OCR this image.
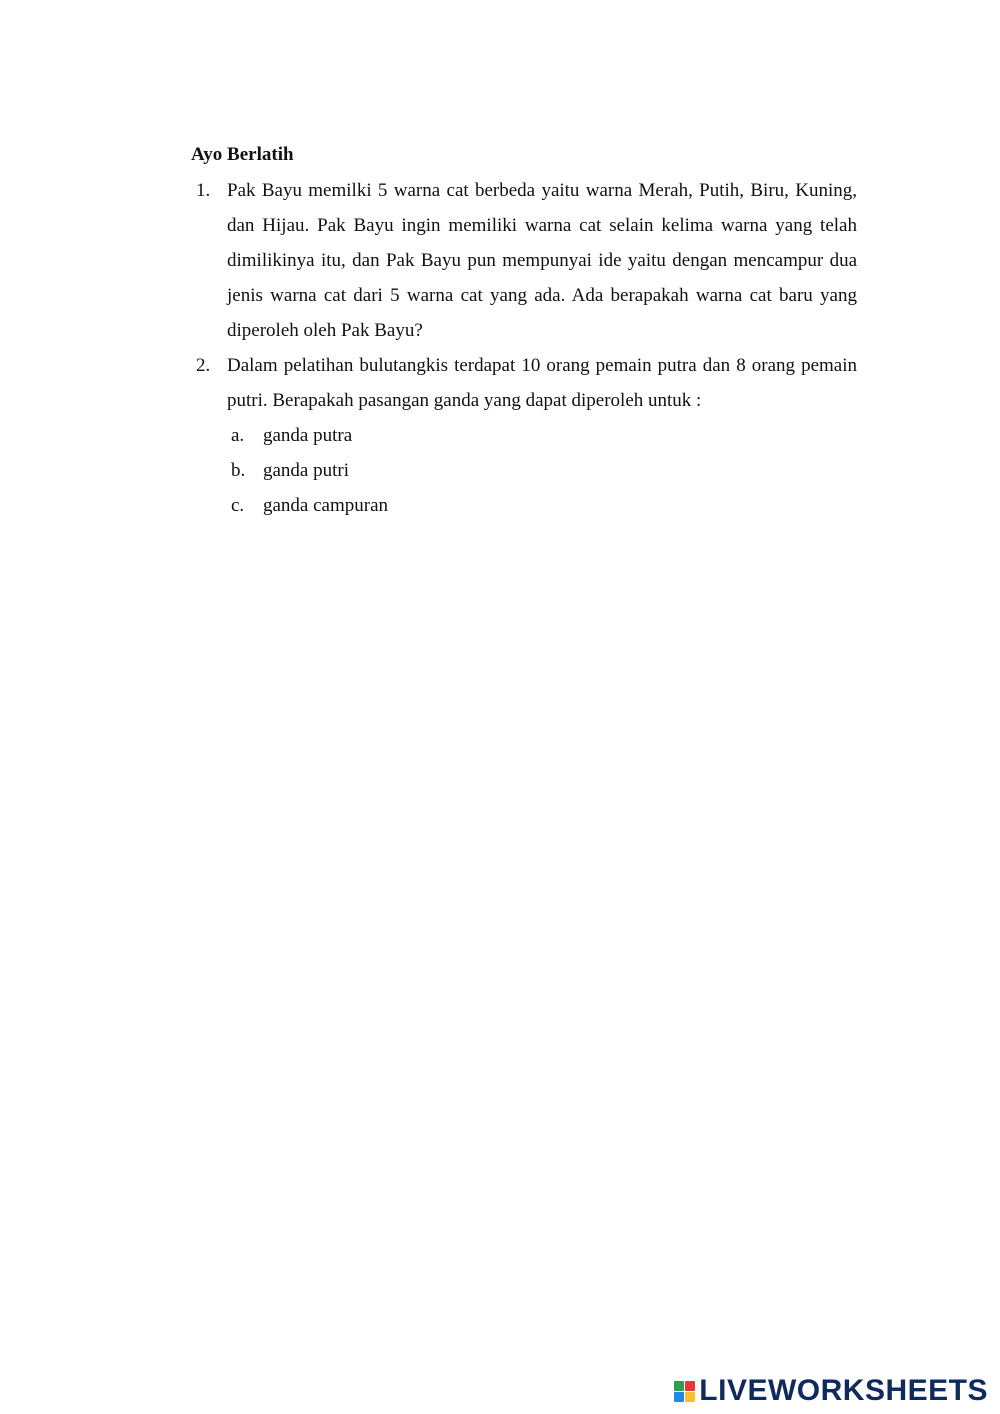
Ayo Berlatih
1. Pak Bayu memilki 5 warna cat berbeda yaitu warna Merah, Putih, Biru, Kuning, dan Hijau. Pak Bayu ingin memiliki warna cat selain kelima warna yang telah dimilikinya itu, dan Pak Bayu pun mempunyai ide yaitu dengan mencampur dua jenis warna cat dari 5 warna cat yang ada. Ada berapakah warna cat baru yang diperoleh oleh Pak Bayu?
2. Dalam pelatihan bulutangkis terdapat 10 orang pemain putra dan 8 orang pemain putri. Berapakah pasangan ganda yang dapat diperoleh untuk :
a. ganda putra
b. ganda putri
c. ganda campuran
LIVEWORKSHEETS
